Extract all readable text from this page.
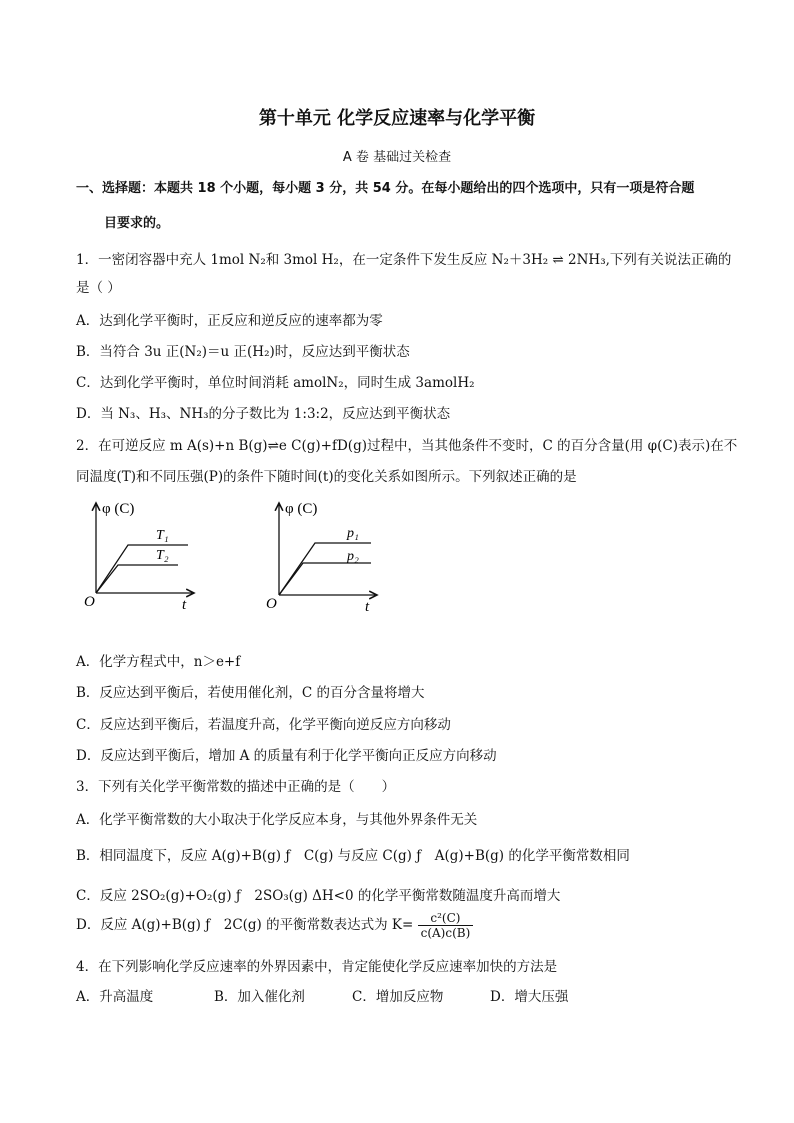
第十单元 化学反应速率与化学平衡
A 卷 基础过关检查
一、选择题：本题共 18 个小题，每小题 3 分，共 54 分。在每小题给出的四个选项中，只有一项是符合题
目要求的。
1．一密闭容器中充人 1mol N₂和 3mol H₂，在一定条件下发生反应 N₂＋3H₂ ⇌ 2NH₃,下列有关说法正确的
是（ ）
A．达到化学平衡时，正反应和逆反应的速率都为零
B．当符合 3u 正(N₂)＝u 正(H₂)时，反应达到平衡状态
C．达到化学平衡时，单位时间消耗 amolN₂，同时生成 3amolH₂
D．当 N₃、H₃、NH₃的分子数比为 1:3:2，反应达到平衡状态
2．在可逆反应 m A(s)+n B(g)⇌e C(g)+fD(g)过程中，当其他条件不变时，C 的百分含量(用 φ(C)表示)在不
同温度(T)和不同压强(P)的条件下随时间(t)的变化关系如图所示。下列叙述正确的是
φ (C)
t
O
T₁
T₂
φ (C)
t
O
p₁
p₂
A．化学方程式中，n＞e+f
B．反应达到平衡后，若使用催化剂，C 的百分含量将增大
C．反应达到平衡后，若温度升高，化学平衡向逆反应方向移动
D．反应达到平衡后，增加 A 的质量有利于化学平衡向正反应方向移动
3．下列有关化学平衡常数的描述中正确的是（　　）
A．化学平衡常数的大小取决于化学反应本身，与其他外界条件无关
B．相同温度下，反应 A(g)+B(g) ƒ　C(g) 与反应 C(g) ƒ　A(g)+B(g) 的化学平衡常数相同
C．反应 2SO₂(g)+O₂(g) ƒ　2SO₃(g) ΔH<0 的化学平衡常数随温度升高而增大
D．反应 A(g)+B(g) ƒ　2C(g) 的平衡常数表达式为 $K= \frac{\text{c²(C)}}{c(A)c(B)}$
4．在下列影响化学反应速率的外界因素中，肯定能使化学反应速率加快的方法是
A．升高温度	B．加入催化剂	C．增加反应物	D．增大压强
